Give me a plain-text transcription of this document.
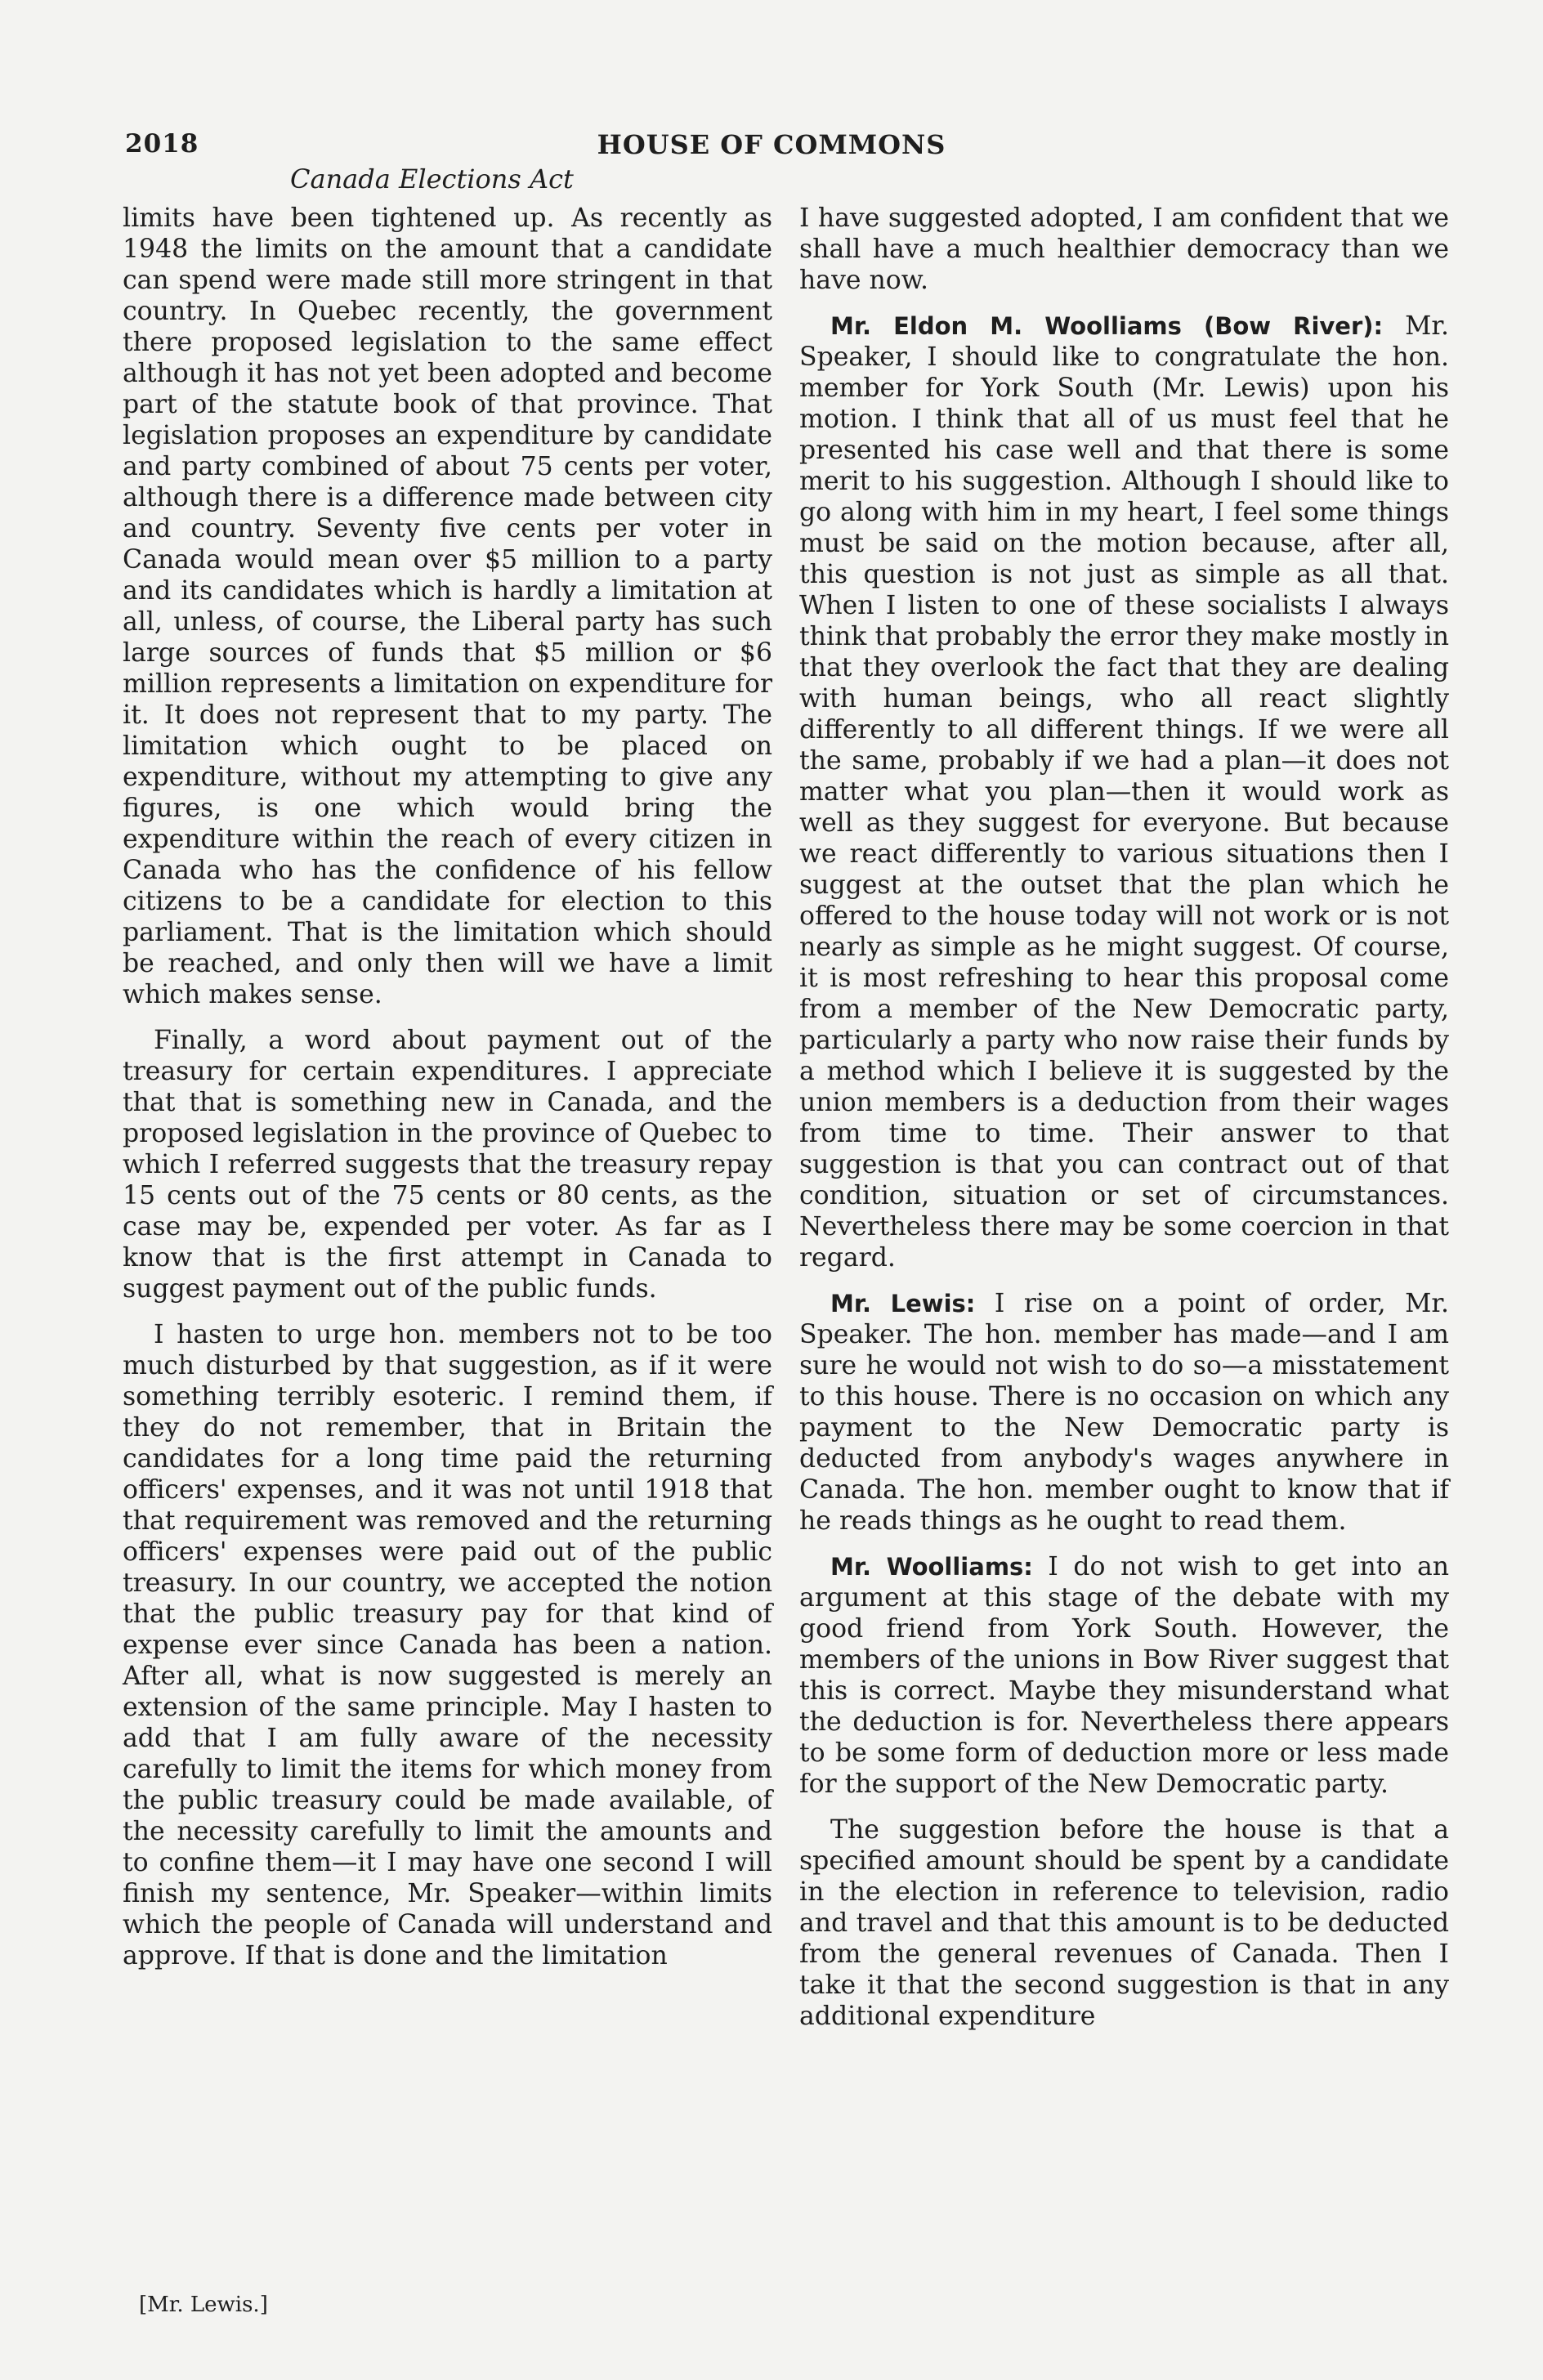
2018	HOUSE OF COMMONS
Canada Elections Act

limits have been tightened up. As recently as 1948 the limits on the amount that a candidate can spend were made still more stringent in that country. In Quebec recently, the government there proposed legislation to the same effect although it has not yet been adopted and become part of the statute book of that province. That legislation proposes an expenditure by candidate and party combined of about 75 cents per voter, although there is a difference made between city and country. Seventy five cents per voter in Canada would mean over $5 million to a party and its candidates which is hardly a limitation at all, unless, of course, the Liberal party has such large sources of funds that $5 million or $6 million represents a limitation on expenditure for it. It does not represent that to my party. The limitation which ought to be placed on expenditure, without my attempting to give any figures, is one which would bring the expenditure within the reach of every citizen in Canada who has the confidence of his fellow citizens to be a candidate for election to this parliament. That is the limitation which should be reached, and only then will we have a limit which makes sense.

Finally, a word about payment out of the treasury for certain expenditures. I appreciate that that is something new in Canada, and the proposed legislation in the province of Quebec to which I referred suggests that the treasury repay 15 cents out of the 75 cents or 80 cents, as the case may be, expended per voter. As far as I know that is the first attempt in Canada to suggest payment out of the public funds.

I hasten to urge hon. members not to be too much disturbed by that suggestion, as if it were something terribly esoteric. I remind them, if they do not remember, that in Britain the candidates for a long time paid the returning officers' expenses, and it was not until 1918 that that requirement was removed and the returning officers' expenses were paid out of the public treasury. In our country, we accepted the notion that the public treasury pay for that kind of expense ever since Canada has been a nation. After all, what is now suggested is merely an extension of the same principle. May I hasten to add that I am fully aware of the necessity carefully to limit the items for which money from the public treasury could be made available, of the necessity carefully to limit the amounts and to confine them—it I may have one second I will finish my sentence, Mr. Speaker—within limits which the people of Canada will understand and approve. If that is done and the limitation

I have suggested adopted, I am confident that we shall have a much healthier democracy than we have now.

Mr. Eldon M. Woolliams (Bow River): Mr. Speaker, I should like to congratulate the hon. member for York South (Mr. Lewis) upon his motion. I think that all of us must feel that he presented his case well and that there is some merit to his suggestion. Although I should like to go along with him in my heart, I feel some things must be said on the motion because, after all, this question is not just as simple as all that. When I listen to one of these socialists I always think that probably the error they make mostly in that they overlook the fact that they are dealing with human beings, who all react slightly differently to all different things. If we were all the same, probably if we had a plan—it does not matter what you plan—then it would work as well as they suggest for everyone. But because we react differently to various situations then I suggest at the outset that the plan which he offered to the house today will not work or is not nearly as simple as he might suggest. Of course, it is most refreshing to hear this proposal come from a member of the New Democratic party, particularly a party who now raise their funds by a method which I believe it is suggested by the union members is a deduction from their wages from time to time. Their answer to that suggestion is that you can contract out of that condition, situation or set of circumstances. Nevertheless there may be some coercion in that regard.

Mr. Lewis: I rise on a point of order, Mr. Speaker. The hon. member has made—and I am sure he would not wish to do so—a misstatement to this house. There is no occasion on which any payment to the New Democratic party is deducted from anybody's wages anywhere in Canada. The hon. member ought to know that if he reads things as he ought to read them.

Mr. Woolliams: I do not wish to get into an argument at this stage of the debate with my good friend from York South. However, the members of the unions in Bow River suggest that this is correct. Maybe they misunderstand what the deduction is for. Nevertheless there appears to be some form of deduction more or less made for the support of the New Democratic party.

The suggestion before the house is that a specified amount should be spent by a candidate in the election in reference to television, radio and travel and that this amount is to be deducted from the general revenues of Canada. Then I take it that the second suggestion is that in any additional expenditure

[Mr. Lewis.]
